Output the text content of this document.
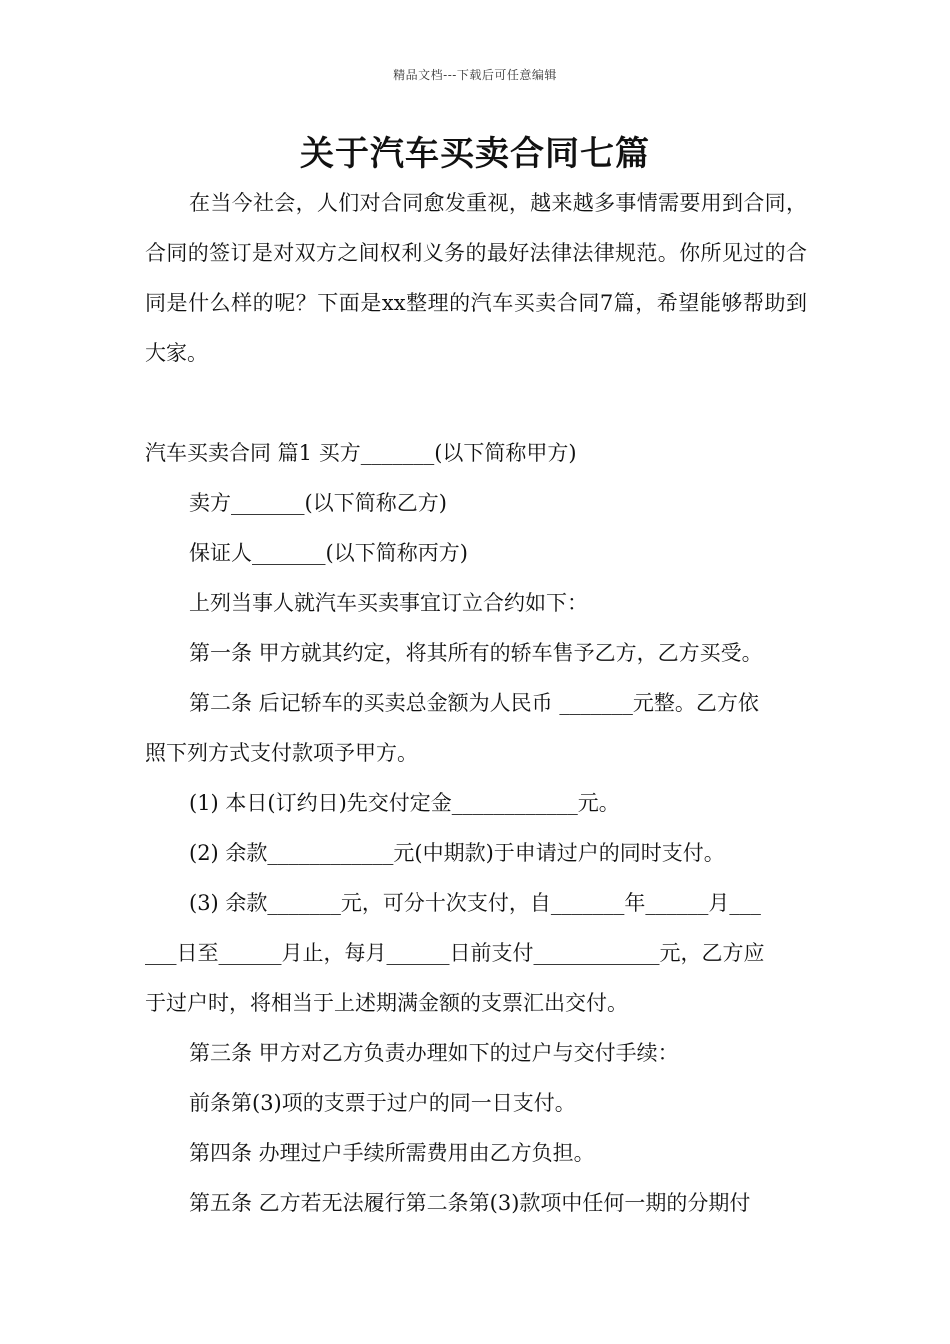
精品文档---下载后可任意编辑
关于汽车买卖合同七篇

在当今社会，人们对合同愈发重视，越来越多事情需要用到合同，合同的签订是对双方之间权利义务的最好法律法律规范。你所见过的合同是什么样的呢？下面是xx整理的汽车买卖合同7篇，希望能够帮助到大家。

汽车买卖合同 篇1 买方_______(以下简称甲方)

卖方_______(以下简称乙方)

保证人_______(以下简称丙方)

上列当事人就汽车买卖事宜订立合约如下：

第一条 甲方就其约定，将其所有的轿车售予乙方，乙方买受。

第二条 后记轿车的买卖总金额为人民币 _______元整。乙方依

照下列方式支付款项予甲方。

(1) 本日(订约日)先交付定金____________元。

(2) 余款____________元(中期款)于申请过户的同时支付。

(3) 余款_______元，可分十次支付，自_______年______月___

___日至______月止，每月______日前支付____________元，乙方应

于过户时，将相当于上述期满金额的支票汇出交付。

第三条 甲方对乙方负责办理如下的过户与交付手续：

前条第(3)项的支票于过户的同一日支付。

第四条 办理过户手续所需费用由乙方负担。

第五条 乙方若无法履行第二条第(3)款项中任何一期的分期付
